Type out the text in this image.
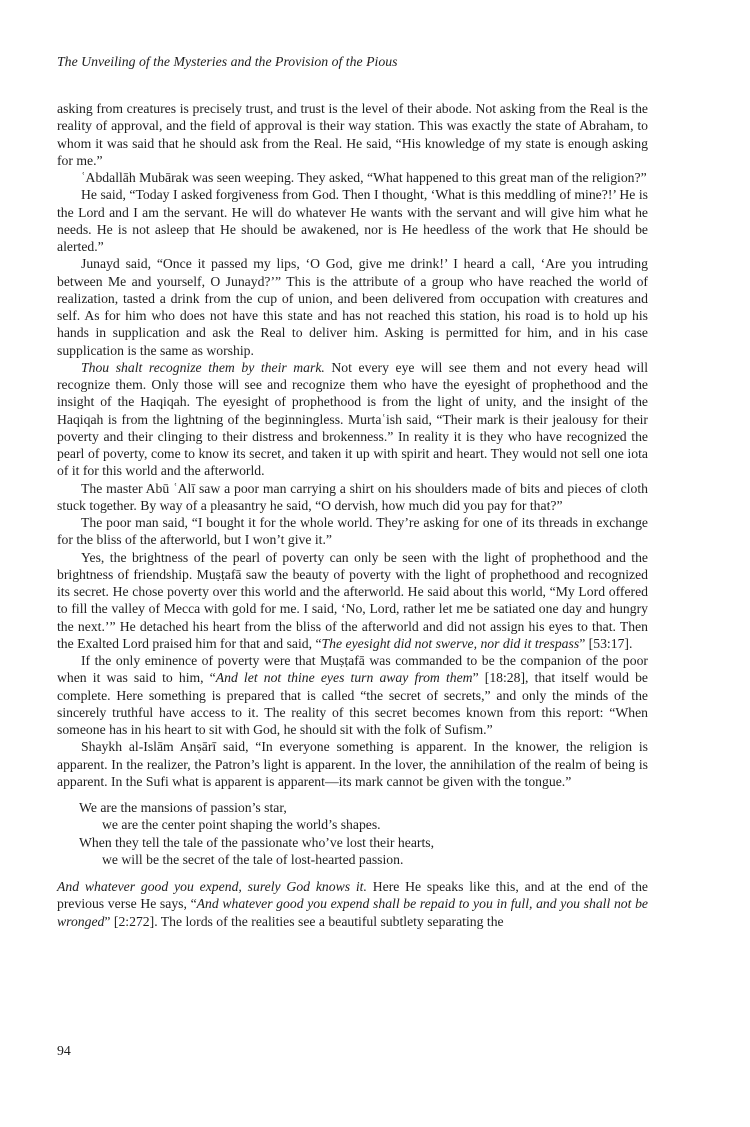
The Unveiling of the Mysteries and the Provision of the Pious

asking from creatures is precisely trust, and trust is the level of their abode. Not asking from the Real is the reality of approval, and the field of approval is their way station. This was exactly the state of Abraham, to whom it was said that he should ask from the Real. He said, “His knowledge of my state is enough asking for me.”

ʿAbdallāh Mubārak was seen weeping. They asked, “What happened to this great man of the religion?”

He said, “Today I asked forgiveness from God. Then I thought, ‘What is this meddling of mine?!’ He is the Lord and I am the servant. He will do whatever He wants with the servant and will give him what he needs. He is not asleep that He should be awakened, nor is He heedless of the work that He should be alerted.”

Junayd said, “Once it passed my lips, ‘O God, give me drink!’ I heard a call, ‘Are you intruding between Me and yourself, O Junayd?’” This is the attribute of a group who have reached the world of realization, tasted a drink from the cup of union, and been delivered from occupation with creatures and self. As for him who does not have this state and has not reached this station, his road is to hold up his hands in supplication and ask the Real to deliver him. Asking is permitted for him, and in his case supplication is the same as worship.

Thou shalt recognize them by their mark. Not every eye will see them and not every head will recognize them. Only those will see and recognize them who have the eyesight of prophethood and the insight of the Haqiqah. The eyesight of prophethood is from the light of unity, and the insight of the Haqiqah is from the lightning of the beginningless. Murtaʿish said, “Their mark is their jealousy for their poverty and their clinging to their distress and brokenness.” In reality it is they who have recognized the pearl of poverty, come to know its secret, and taken it up with spirit and heart. They would not sell one iota of it for this world and the afterworld.

The master Abū ʿAlī saw a poor man carrying a shirt on his shoulders made of bits and pieces of cloth stuck together. By way of a pleasantry he said, “O dervish, how much did you pay for that?”

The poor man said, “I bought it for the whole world. They’re asking for one of its threads in exchange for the bliss of the afterworld, but I won’t give it.”

Yes, the brightness of the pearl of poverty can only be seen with the light of prophethood and the brightness of friendship. Muṣṭafā saw the beauty of poverty with the light of prophethood and recognized its secret. He chose poverty over this world and the afterworld. He said about this world, “My Lord offered to fill the valley of Mecca with gold for me. I said, ‘No, Lord, rather let me be satiated one day and hungry the next.’” He detached his heart from the bliss of the afterworld and did not assign his eyes to that. Then the Exalted Lord praised him for that and said, “The eyesight did not swerve, nor did it trespass” [53:17].

If the only eminence of poverty were that Muṣṭafā was commanded to be the companion of the poor when it was said to him, “And let not thine eyes turn away from them” [18:28], that itself would be complete. Here something is prepared that is called “the secret of secrets,” and only the minds of the sincerely truthful have access to it. The reality of this secret becomes known from this report: “When someone has in his heart to sit with God, he should sit with the folk of Sufism.”

Shaykh al-Islām Anṣārī said, “In everyone something is apparent. In the knower, the religion is apparent. In the realizer, the Patron’s light is apparent. In the lover, the annihilation of the realm of being is apparent. In the Sufi what is apparent is apparent—its mark cannot be given with the tongue.”

We are the mansions of passion’s star,
we are the center point shaping the world’s shapes.
When they tell the tale of the passionate who’ve lost their hearts,
we will be the secret of the tale of lost-hearted passion.

And whatever good you expend, surely God knows it. Here He speaks like this, and at the end of the previous verse He says, “And whatever good you expend shall be repaid to you in full, and you shall not be wronged” [2:272]. The lords of the realities see a beautiful subtlety separating the

94
